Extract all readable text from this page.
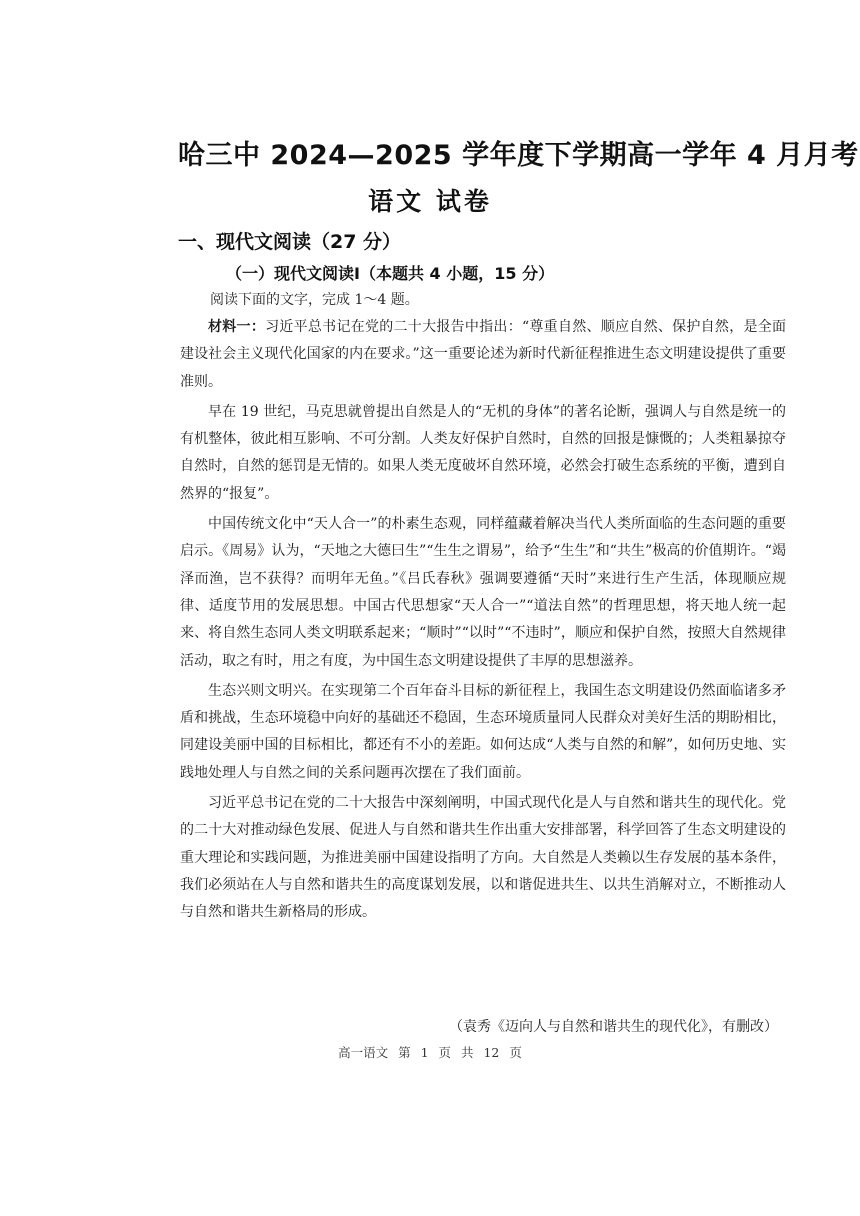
哈三中 2024—2025 学年度下学期高一学年 4 月月考
语文 试卷
一、现代文阅读（27 分）
（一）现代文阅读Ⅰ（本题共 4 小题，15 分）
阅读下面的文字，完成 1～4 题。

材料一：习近平总书记在党的二十大报告中指出：“尊重自然、顺应自然、保护自然，是全面建设社会主义现代化国家的内在要求。”这一重要论述为新时代新征程推进生态文明建设提供了重要准则。

早在 19 世纪，马克思就曾提出自然是人的“无机的身体”的著名论断，强调人与自然是统一的有机整体，彼此相互影响、不可分割。人类友好保护自然时，自然的回报是慷慨的；人类粗暴掠夺自然时，自然的惩罚是无情的。如果人类无度破坏自然环境，必然会打破生态系统的平衡，遭到自然界的“报复”。

中国传统文化中“天人合一”的朴素生态观，同样蕴藏着解决当代人类所面临的生态问题的重要启示。《周易》认为，“天地之大德曰生”“生生之谓易”，给予“生生”和“共生”极高的价值期许。“竭泽而渔，岂不获得？而明年无鱼。”《吕氏春秋》强调要遵循“天时”来进行生产生活，体现顺应规律、适度节用的发展思想。中国古代思想家“天人合一”“道法自然”的哲理思想，将天地人统一起来、将自然生态同人类文明联系起来；“顺时”“以时”“不违时”，顺应和保护自然，按照大自然规律活动，取之有时，用之有度，为中国生态文明建设提供了丰厚的思想滋养。

生态兴则文明兴。在实现第二个百年奋斗目标的新征程上，我国生态文明建设仍然面临诸多矛盾和挑战，生态环境稳中向好的基础还不稳固，生态环境质量同人民群众对美好生活的期盼相比，同建设美丽中国的目标相比，都还有不小的差距。如何达成“人类与自然的和解”，如何历史地、实践地处理人与自然之间的关系问题再次摆在了我们面前。

习近平总书记在党的二十大报告中深刻阐明，中国式现代化是人与自然和谐共生的现代化。党的二十大对推动绿色发展、促进人与自然和谐共生作出重大安排部署，科学回答了生态文明建设的重大理论和实践问题，为推进美丽中国建设指明了方向。大自然是人类赖以生存发展的基本条件，我们必须站在人与自然和谐共生的高度谋划发展，以和谐促进共生、以共生消解对立，不断推动人与自然和谐共生新格局的形成。

（袁秀《迈向人与自然和谐共生的现代化》，有删改）
高一语文 第 1 页 共 12 页
